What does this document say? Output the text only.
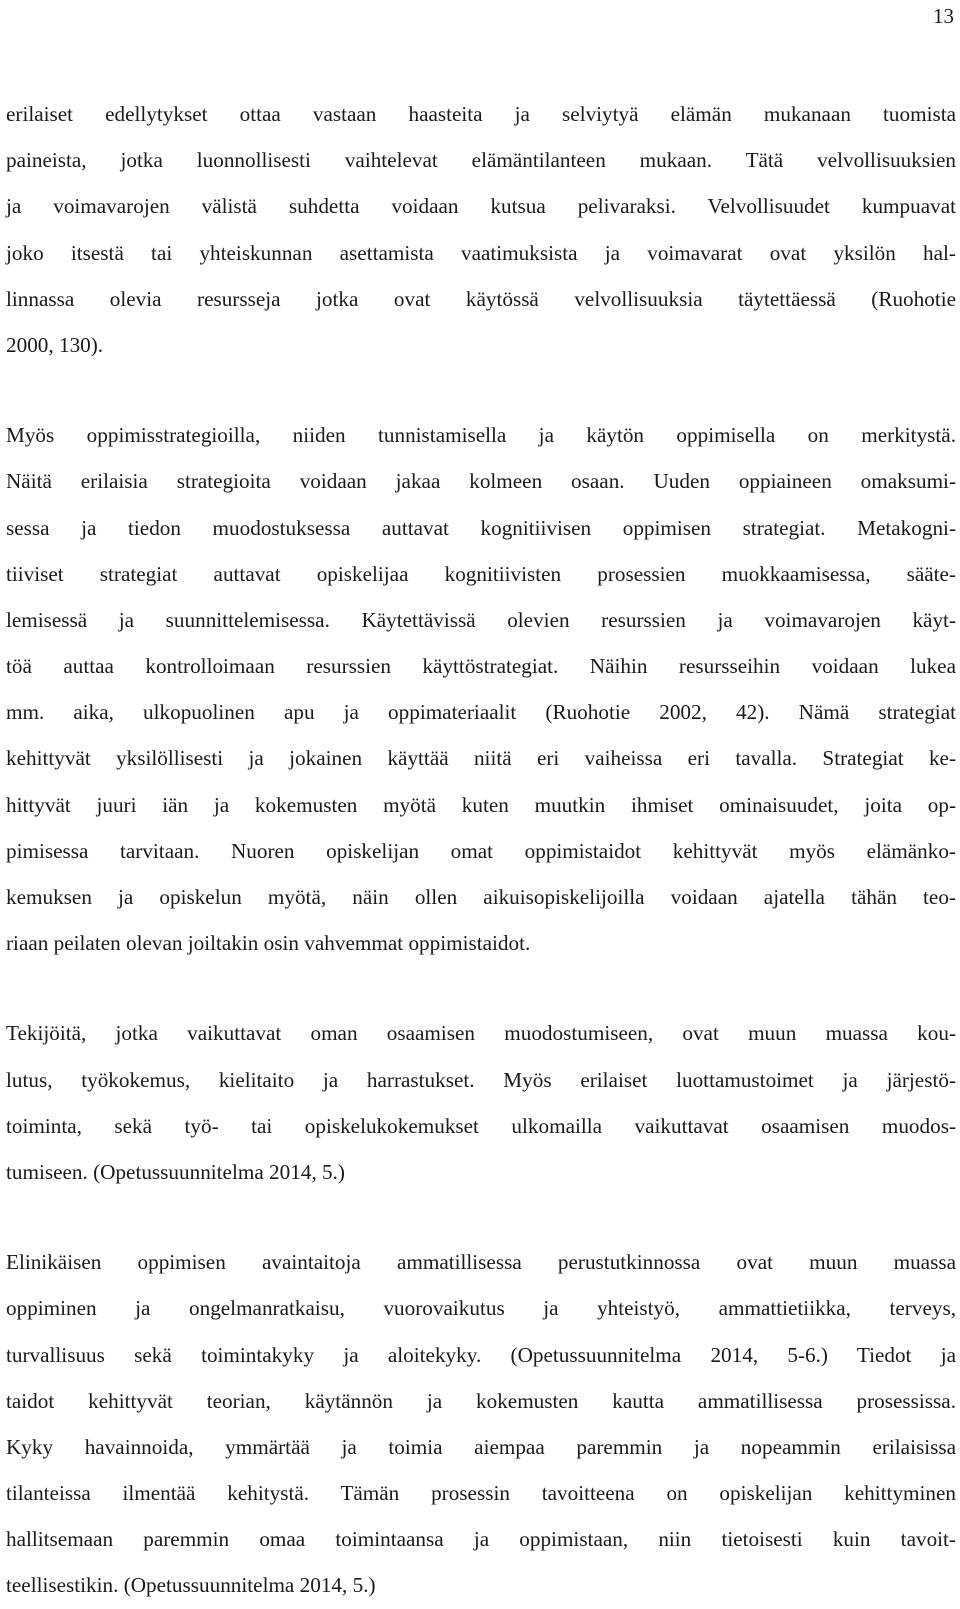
13
erilaiset edellytykset ottaa vastaan haasteita ja selviytyä elämän mukanaan tuomista
paineista, jotka luonnollisesti vaihtelevat elämäntilanteen mukaan. Tätä velvollisuuksien
ja voimavarojen välistä suhdetta voidaan kutsua pelivaraksi. Velvollisuudet kumpuavat
joko itsestä tai yhteiskunnan asettamista vaatimuksista ja voimavarat ovat yksilön hal-
linnassa olevia resursseja jotka ovat käytössä velvollisuuksia täytettäessä (Ruohotie
2000, 130).
Myös oppimisstrategioilla, niiden tunnistamisella ja käytön oppimisella on merkitystä.
Näitä erilaisia strategioita voidaan jakaa kolmeen osaan. Uuden oppiaineen omaksumi-
sessa ja tiedon muodostuksessa auttavat kognitiivisen oppimisen strategiat. Metakogni-
tiiviset strategiat auttavat opiskelijaa kognitiivisten prosessien muokkaamisessa, sääte-
lemisessä ja suunnittelemisessa. Käytettävissä olevien resurssien ja voimavarojen käyt-
töä auttaa kontrolloimaan resurssien käyttöstrategiat. Näihin resursseihin voidaan lukea
mm. aika, ulkopuolinen apu ja oppimateriaalit (Ruohotie 2002, 42). Nämä strategiat
kehittyvät yksilöllisesti ja jokainen käyttää niitä eri vaiheissa eri tavalla. Strategiat ke-
hittyvät juuri iän ja kokemusten myötä kuten muutkin ihmiset ominaisuudet, joita op-
pimisessa tarvitaan. Nuoren opiskelijan omat oppimistaidot kehittyvät myös elämänko-
kemuksen ja opiskelun myötä, näin ollen aikuisopiskelijoilla voidaan ajatella tähän teo-
riaan peilaten olevan joiltakin osin vahvemmat oppimistaidot.
Tekijöitä, jotka vaikuttavat oman osaamisen muodostumiseen, ovat muun muassa kou-
lutus, työkokemus, kielitaito ja harrastukset. Myös erilaiset luottamustoimet ja järjestö-
toiminta, sekä työ- tai opiskelukokemukset ulkomailla vaikuttavat osaamisen muodos-
tumiseen. (Opetussuunnitelma 2014, 5.)
Elinikäisen oppimisen avaintaitoja ammatillisessa perustutkinnossa ovat muun muassa
oppiminen ja ongelmanratkaisu, vuorovaikutus ja yhteistyö, ammattietiikka, terveys,
turvallisuus sekä toimintakyky ja aloitekyky. (Opetussuunnitelma 2014, 5-6.) Tiedot ja
taidot kehittyvät teorian, käytännön ja kokemusten kautta ammatillisessa prosessissa.
Kyky havainnoida, ymmärtää ja toimia aiempaa paremmin ja nopeammin erilaisissa
tilanteissa ilmentää kehitystä. Tämän prosessin tavoitteena on opiskelijan kehittyminen
hallitsemaan paremmin omaa toimintaansa ja oppimistaan, niin tietoisesti kuin tavoit-
teellisestikin. (Opetussuunnitelma 2014, 5.)
